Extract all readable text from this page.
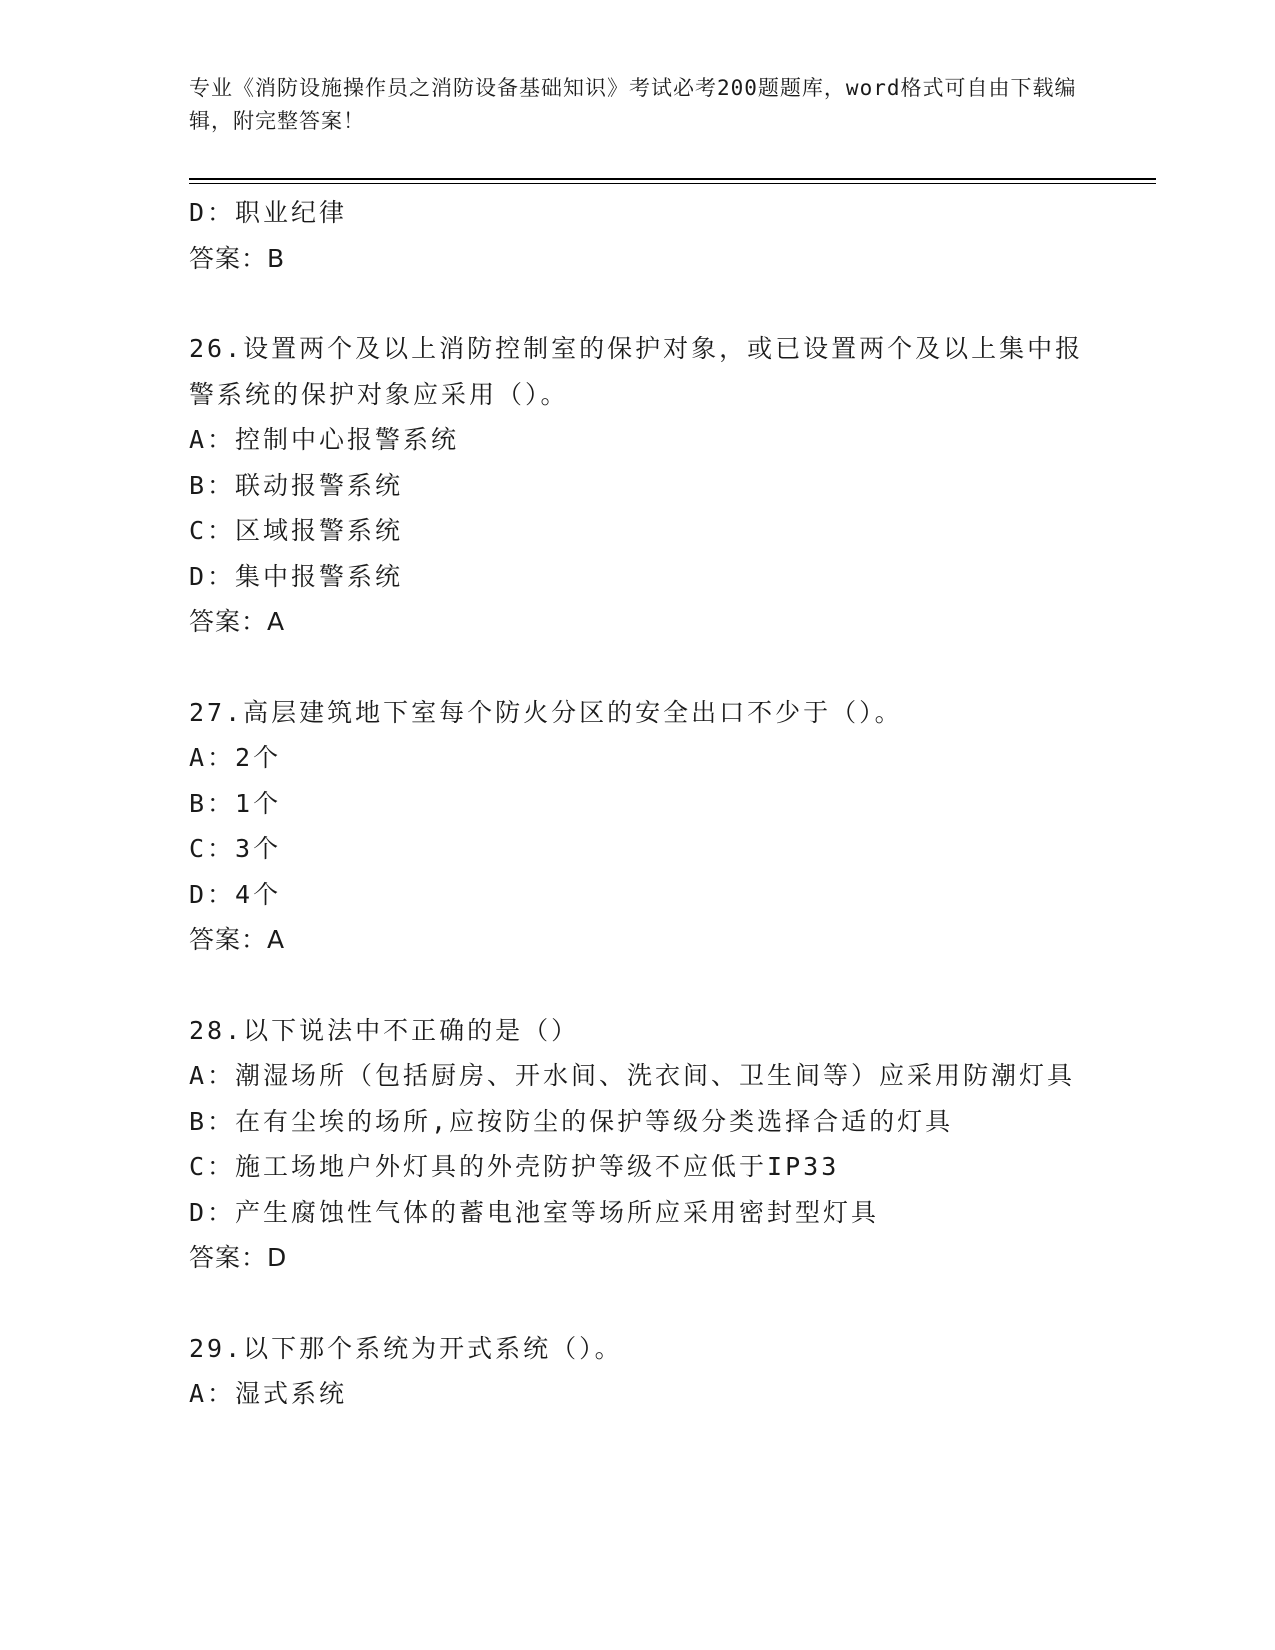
专业《消防设施操作员之消防设备基础知识》考试必考200题题库，word格式可自由下载编辑，附完整答案！
D：职业纪律
答案：B
26.设置两个及以上消防控制室的保护对象，或已设置两个及以上集中报警系统的保护对象应采用（）。
A：控制中心报警系统
B：联动报警系统
C：区域报警系统
D：集中报警系统
答案：A
27.高层建筑地下室每个防火分区的安全出口不少于（）。
A：2个
B：1个
C：3个
D：4个
答案：A
28.以下说法中不正确的是（）
A：潮湿场所（包括厨房、开水间、洗衣间、卫生间等）应采用防潮灯具
B：在有尘埃的场所,应按防尘的保护等级分类选择合适的灯具
C：施工场地户外灯具的外壳防护等级不应低于IP33
D：产生腐蚀性气体的蓄电池室等场所应采用密封型灯具
答案：D
29.以下那个系统为开式系统（）。
A：湿式系统
